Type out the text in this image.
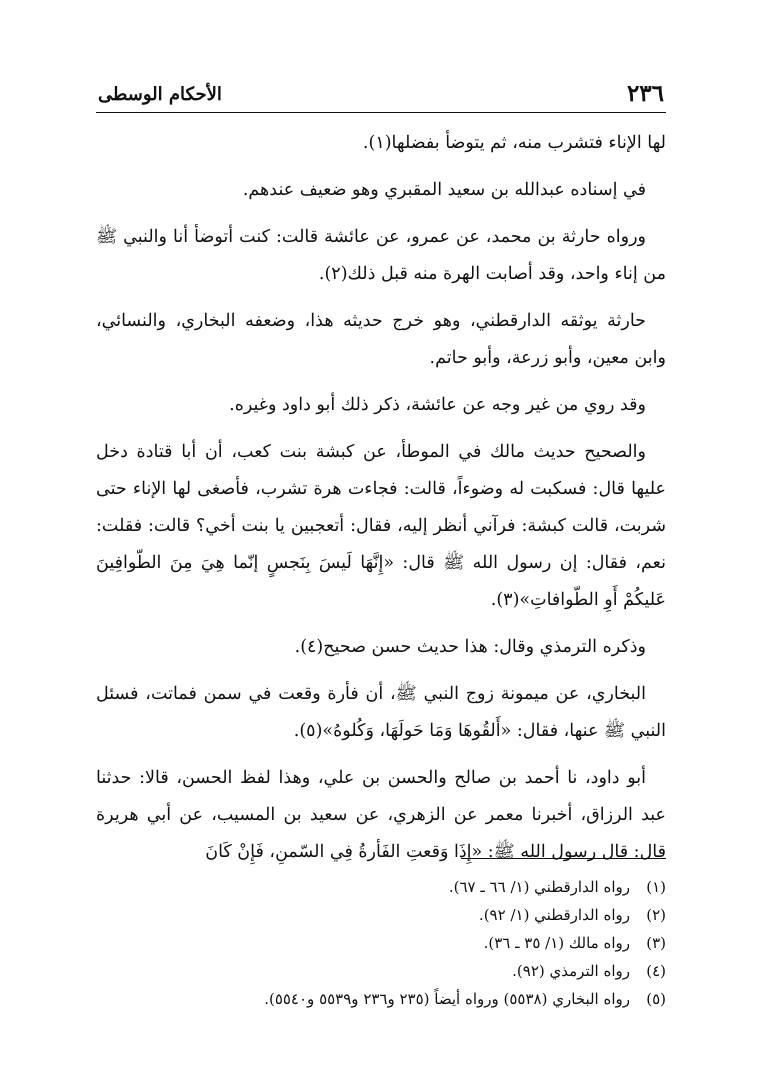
٢٣٦
الأحكام الوسطى

لها الإناء فتشرب منه، ثم يتوضأ بفضلها(١).

في إسناده عبدالله بن سعيد المقبري وهو ضعيف عندهم.

ورواه حارثة بن محمد، عن عمرو، عن عائشة قالت: كنت أتوضأ أنا والنبي ﷺ من إناء واحد، وقد أصابت الهرة منه قبل ذلك(٢).

حارثة يوثقه الدارقطني، وهو خرج حديثه هذا، وضعفه البخاري، والنسائي، وابن معين، وأبو زرعة، وأبو حاتم.

وقد روي من غير وجه عن عائشة، ذكر ذلك أبو داود وغيره.

والصحيح حديث مالك في الموطأ، عن كبشة بنت كعب، أن أبا قتادة دخل عليها قال: فسكبت له وضوءاً، قالت: فجاءت هرة تشرب، فأصغى لها الإناء حتى شربت، قالت كبشة: فرآني أنظر إليه، فقال: أتعجبين يا بنت أخي؟ قالت: فقلت: نعم، فقال: إن رسول الله ﷺ قال: «إِنَّهَا لَيسَ بِنَجسٍ إنّما هِيَ مِنَ الطّوافِينَ عَليكُمْ أَوِ الطّوافاتِ»(٣).

وذكره الترمذي وقال: هذا حديث حسن صحيح(٤).

البخاري، عن ميمونة زوج النبي ﷺ، أن فأرة وقعت في سمن فماتت، فسئل النبي ﷺ عنها، فقال: «أَلقُوهَا وَمَا حَولَهَا، وَكُلوهُ»(٥).

أبو داود، نا أحمد بن صالح والحسن بن علي، وهذا لفظ الحسن، قالا: حدثنا عبد الرزاق، أخبرنا معمر عن الزهري، عن سعيد بن المسيب، عن أبي هريرة قال: قال رسول الله ﷺ: «إِذَا وَقعتِ الفَأرةُ فِي السّمنِ، فَإِنْ كَانَ

(١)رواه الدارقطني (١/ ٦٦ ـ ٦٧).
(٢)رواه الدارقطني (١/ ٩٢).
(٣)رواه مالك (١/ ٣٥ ـ ٣٦).
(٤)رواه الترمذي (٩٢).
(٥)رواه البخاري (٥٥٣٨) ورواه أيضاً (٢٣٥ و٢٣٦ و٥٥٣٩ و٥٥٤٠).
